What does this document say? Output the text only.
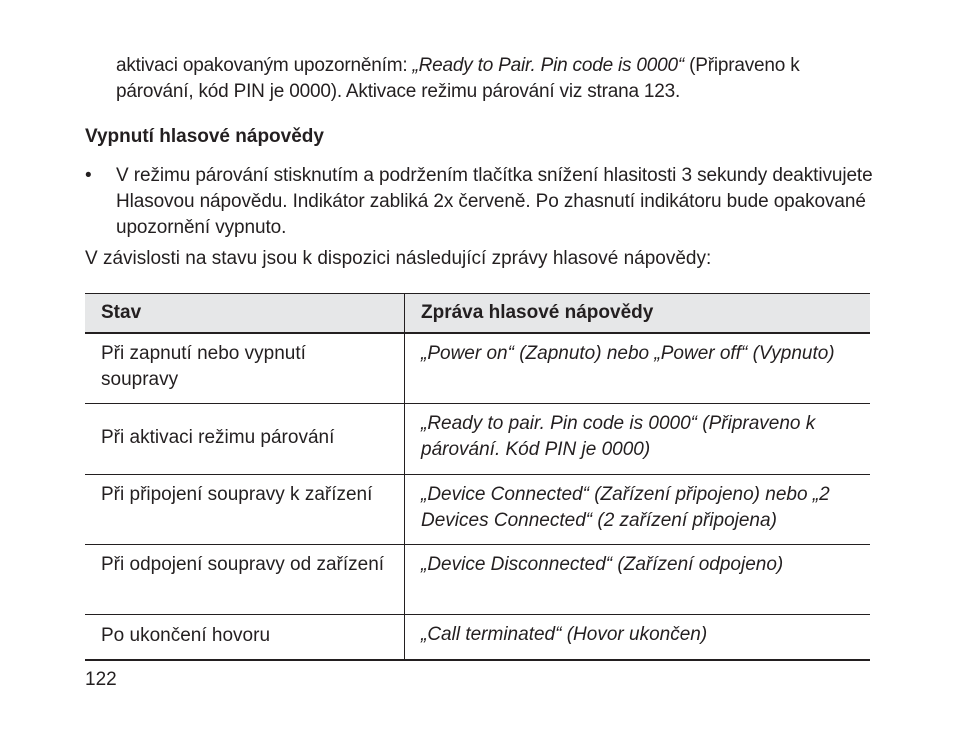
aktivaci opakovaným upozorněním: „Ready to Pair. Pin code is 0000“ (Připraveno k párování, kód PIN je 0000). Aktivace režimu párování viz strana 123.

Vypnutí hlasové nápovědy
•	V režimu párování stisknutím a podržením tlačítka snížení hlasitosti 3 sekundy deaktivujete Hlasovou nápovědu. Indikátor zabliká 2x červeně. Po zhasnutí indikátoru bude opakované upozornění vypnuto.
V závislosti na stavu jsou k dispozici následující zprávy hlasové nápovědy:
Stav	Zpráva hlasové nápovědy
Při zapnutí nebo vypnutí soupravy	„Power on“ (Zapnuto) nebo „Power off“ (Vypnuto)
Při aktivaci režimu párování	„Ready to pair. Pin code is 0000“ (Připraveno k párování. Kód PIN je 0000)
Při připojení soupravy k zařízení	„Device Connected“ (Zařízení připojeno) nebo „2 Devices Connected“ (2 zařízení připojena)
Při odpojení soupravy od zařízení	„Device Disconnected“ (Zařízení odpojeno)
Po ukončení hovoru	„Call terminated“ (Hovor ukončen)
122
